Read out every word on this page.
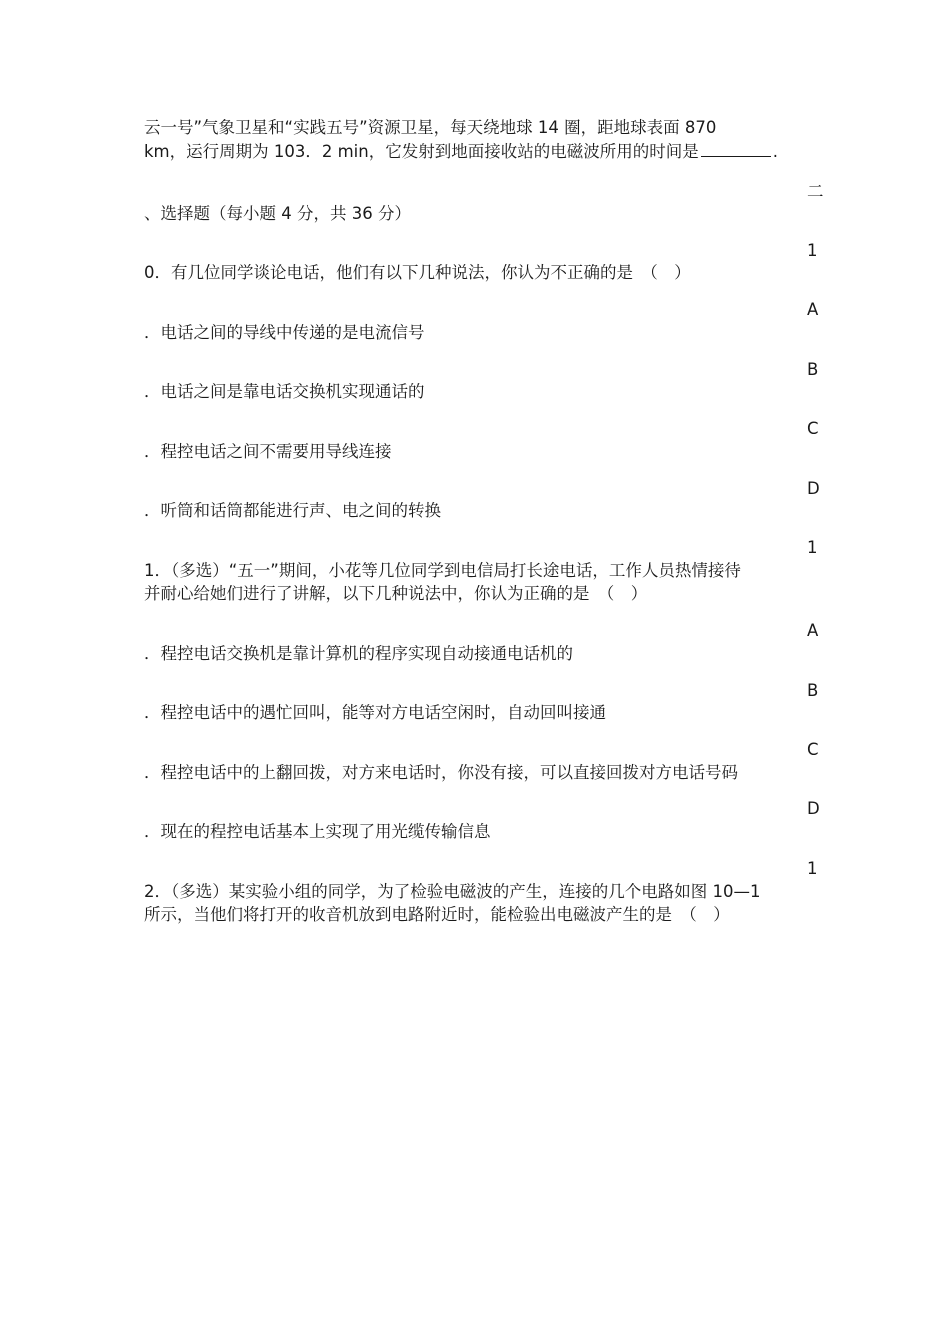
云一号”气象卫星和“实践五号”资源卫星，每天绕地球 14 圈，距地球表面 870
km，运行周期为 103．2 min，它发射到地面接收站的电磁波所用的时间是	.
二
、选择题（每小题 4 分，共 36 分）
1
0．有几位同学谈论电话，他们有以下几种说法，你认为不正确的是　（　）
A
．电话之间的导线中传递的是电流信号
B
．电话之间是靠电话交换机实现通话的
C
．程控电话之间不需要用导线连接
D
．听筒和话筒都能进行声、电之间的转换
1
1．（多选）“五一”期间，小花等几位同学到电信局打长途电话，工作人员热情接待
并耐心给她们进行了讲解，以下几种说法中，你认为正确的是　（　）
A
．程控电话交换机是靠计算机的程序实现自动接通电话机的
B
．程控电话中的遇忙回叫，能等对方电话空闲时，自动回叫接通
C
．程控电话中的上翻回拨，对方来电话时，你没有接，可以直接回拨对方电话号码
D
．现在的程控电话基本上实现了用光缆传输信息
1
2．（多选）某实验小组的同学，为了检验电磁波的产生，连接的几个电路如图 10—1
所示，当他们将打开的收音机放到电路附近时，能检验出电磁波产生的是　（　）
